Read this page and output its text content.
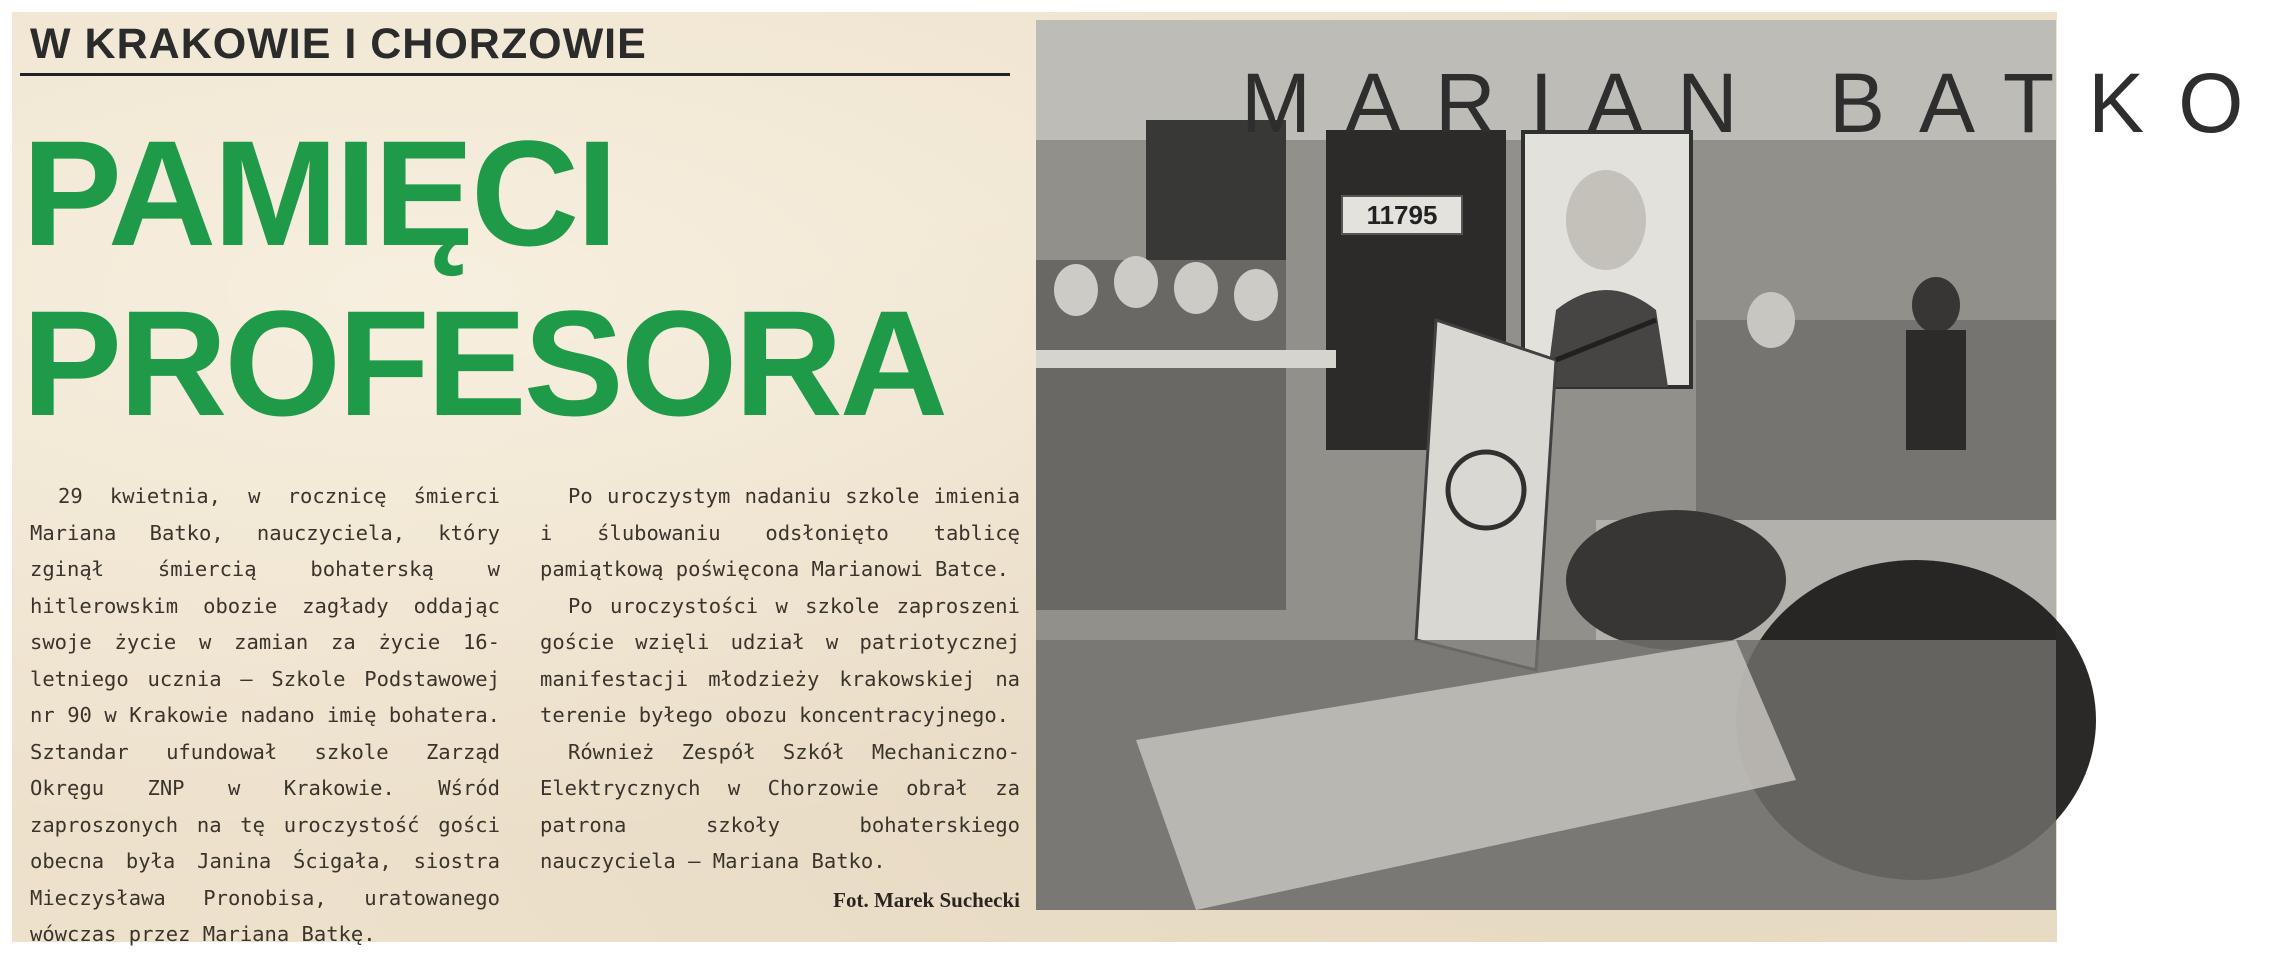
W KRAKOWIE I CHORZOWIE
PAMIĘCI
PROFESORA

29 kwietnia, w rocznicę śmierci Mariana Batko, nauczyciela, który zginął śmiercią bohaterską w hitlerowskim obozie zagłady oddając swoje życie w zamian za życie 16-letniego ucznia — Szkole Podstawowej nr 90 w Krakowie nadano imię bohatera. Sztandar ufundował szkole Zarząd Okręgu ZNP w Krakowie. Wśród zaproszonych na tę uroczystość gości obecna była Janina Ścigała, siostra Mieczysława Pronobisa, uratowanego wówczas przez Mariana Batkę.

Po uroczystym nadaniu szkole imienia i ślubowaniu odsłonięto tablicę pamiątkową poświęcona Marianowi Batce.

Po uroczystości w szkole zaproszeni goście wzięli udział w patriotycznej manifestacji młodzieży krakowskiej na terenie byłego obozu koncentracyjnego.

Również Zespół Szkół Mechaniczno-Elektrycznych w Chorzowie obrał za patrona szkoły bohaterskiego nauczyciela — Mariana Batko.

Fot. Marek Suchecki
MARIAN BATKO
11795
